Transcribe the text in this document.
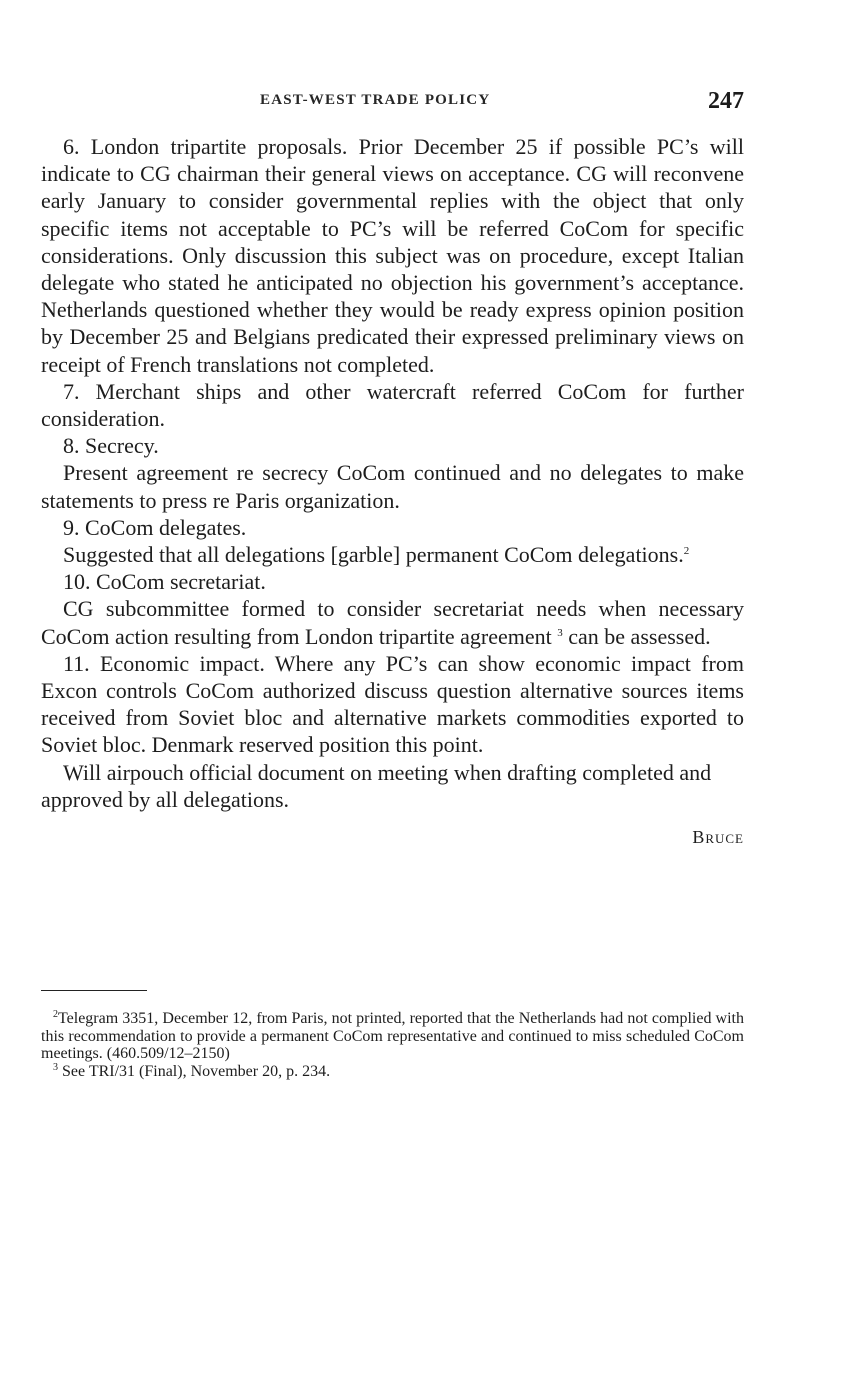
EAST-WEST TRADE POLICY	247

6. London tripartite proposals. Prior December 25 if possible PC’s will indicate to CG chairman their general views on acceptance. CG will reconvene early January to consider governmental replies with the object that only specific items not acceptable to PC’s will be referred CoCom for specific considerations. Only discussion this subject was on procedure, except Italian delegate who stated he anticipated no objection his government’s acceptance. Netherlands questioned whether they would be ready express opinion position by December 25 and Belgians predicated their expressed preliminary views on receipt of French translations not completed.

7. Merchant ships and other watercraft referred CoCom for further consideration.

8. Secrecy.

Present agreement re secrecy CoCom continued and no delegates to make statements to press re Paris organization.

9. CoCom delegates.

Suggested that all delegations [garble] permanent CoCom delegations.$^2$

10. CoCom secretariat.

CG subcommittee formed to consider secretariat needs when necessary CoCom action resulting from London tripartite agreement $^3$ can be assessed.

11. Economic impact. Where any PC’s can show economic impact from Excon controls CoCom authorized discuss question alternative sources items received from Soviet bloc and alternative markets commodities exported to Soviet bloc. Denmark reserved position this point.

Will airpouch official document on meeting when drafting completed and approved by all delegations.

Bruce

$^2$Telegram 3351, December 12, from Paris, not printed, reported that the Netherlands had not complied with this recommendation to provide a permanent CoCom representative and continued to miss scheduled CoCom meetings. (460.509/12–2150)

$^3$ See TRI/31 (Final), November 20, p. 234.
